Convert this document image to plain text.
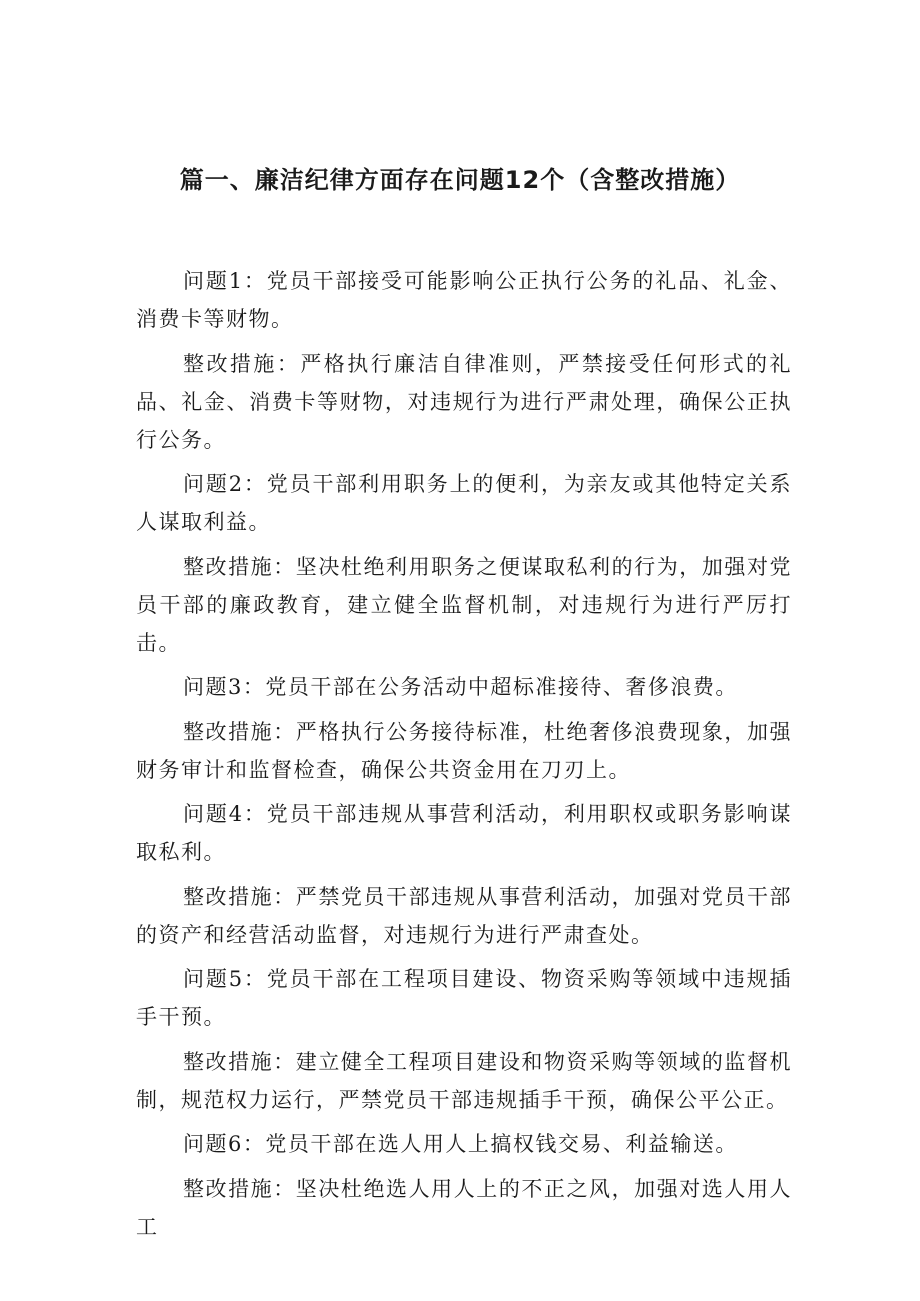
篇一、廉洁纪律方面存在问题12个（含整改措施）

问题1：党员干部接受可能影响公正执行公务的礼品、礼金、消费卡等财物。

整改措施：严格执行廉洁自律准则，严禁接受任何形式的礼品、礼金、消费卡等财物，对违规行为进行严肃处理，确保公正执行公务。

问题2：党员干部利用职务上的便利，为亲友或其他特定关系人谋取利益。

整改措施：坚决杜绝利用职务之便谋取私利的行为，加强对党员干部的廉政教育，建立健全监督机制，对违规行为进行严厉打击。

问题3：党员干部在公务活动中超标准接待、奢侈浪费。

整改措施：严格执行公务接待标准，杜绝奢侈浪费现象，加强财务审计和监督检查，确保公共资金用在刀刃上。

问题4：党员干部违规从事营利活动，利用职权或职务影响谋取私利。

整改措施：严禁党员干部违规从事营利活动，加强对党员干部的资产和经营活动监督，对违规行为进行严肃查处。

问题5：党员干部在工程项目建设、物资采购等领域中违规插手干预。

整改措施：建立健全工程项目建设和物资采购等领域的监督机制，规范权力运行，严禁党员干部违规插手干预，确保公平公正。

问题6：党员干部在选人用人上搞权钱交易、利益输送。

整改措施：坚决杜绝选人用人上的不正之风，加强对选人用人工
